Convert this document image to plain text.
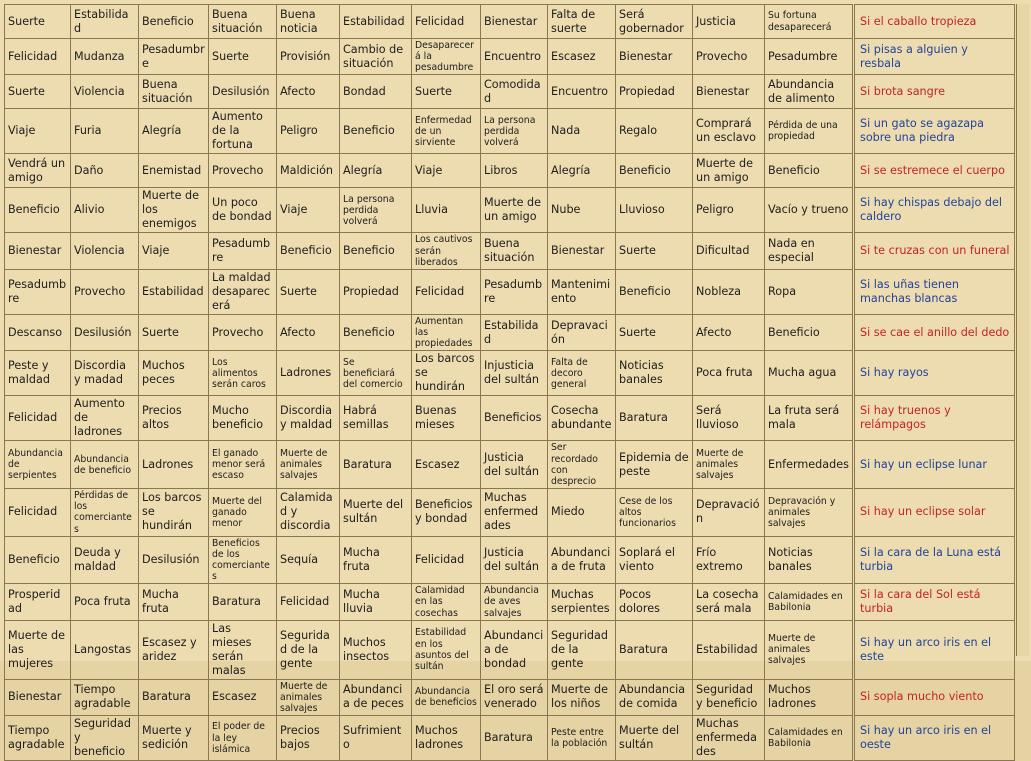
Suerte	Estabilidad	Beneficio	Buena situación	Buena noticia	Estabilidad	Felicidad	Bienestar	Falta de suerte	Será gobernador	Justicia	Su fortuna desaparecerá	Si el caballo tropieza
Felicidad	Mudanza	Pesadumbre	Suerte	Provisión	Cambio de situación	Desaparecerá la pesadumbre	Encuentro	Escasez	Bienestar	Provecho	Pesadumbre	Si pisas a alguien y resbala
Suerte	Violencia	Buena situación	Desilusión	Afecto	Bondad	Suerte	Comodidad	Encuentro	Propiedad	Bienestar	Abundancia de alimento	Si brota sangre
Viaje	Furia	Alegría	Aumento de la fortuna	Peligro	Beneficio	Enfermedad de un sirviente	La persona perdida volverá	Nada	Regalo	Comprará un esclavo	Pérdida de una propiedad	Si un gato se agazapa sobre una piedra
Vendrá un amigo	Daño	Enemistad	Provecho	Maldición	Alegría	Viaje	Libros	Alegría	Beneficio	Muerte de un amigo	Beneficio	Si se estremece el cuerpo
Beneficio	Alivio	Muerte de los enemigos	Un poco de bondad	Viaje	La persona perdida volverá	Lluvia	Muerte de un amigo	Nube	Lluvioso	Peligro	Vacío y trueno	Si hay chispas debajo del caldero
Bienestar	Violencia	Viaje	Pesadumbre	Beneficio	Beneficio	Los cautivos serán liberados	Buena situación	Bienestar	Suerte	Dificultad	Nada en especial	Si te cruzas con un funeral
Pesadumbre	Provecho	Estabilidad	La maldad desaparecerá	Suerte	Propiedad	Felicidad	Pesadumbre	Mantenimiento	Beneficio	Nobleza	Ropa	Si las uñas tienen manchas blancas
Descanso	Desilusión	Suerte	Provecho	Afecto	Beneficio	Aumentan las propiedades	Estabilidad	Depravación	Suerte	Afecto	Beneficio	Si se cae el anillo del dedo
Peste y maldad	Discordia y madad	Muchos peces	Los alimentos serán caros	Ladrones	Se beneficiará del comercio	Los barcos se hundirán	Injusticia del sultán	Falta de decoro general	Noticias banales	Poca fruta	Mucha agua	Si hay rayos
Felicidad	Aumento de ladrones	Precios altos	Mucho beneficio	Discordia y maldad	Habrá semillas	Buenas mieses	Beneficios	Cosecha abundante	Baratura	Será lluvioso	La fruta será mala	Si hay truenos y relámpagos
Abundancia de serpientes	Abundancia de beneficio	Ladrones	El ganado menor será escaso	Muerte de animales salvajes	Baratura	Escasez	Justicia del sultán	Ser recordado con desprecio	Epidemia de peste	Muerte de animales salvajes	Enfermedades	Si hay un eclipse lunar
Felicidad	Pérdidas de los comerciantes	Los barcos se hundirán	Muerte del ganado menor	Calamidad y discordia	Muerte del sultán	Beneficios y bondad	Muchas enfermedades	Miedo	Cese de los altos funcionarios	Depravación	Depravación y animales salvajes	Si hay un eclipse solar
Beneficio	Deuda y maldad	Desilusión	Beneficios de los comerciantes	Sequía	Mucha fruta	Felicidad	Justicia del sultán	Abundancia de fruta	Soplará el viento	Frío extremo	Noticias banales	Si la cara de la Luna está turbia
Prosperidad	Poca fruta	Mucha fruta	Baratura	Felicidad	Mucha lluvia	Calamidad en las cosechas	Abundancia de aves salvajes	Muchas serpientes	Pocos dolores	La cosecha será mala	Calamidades en Babilonia	Si la cara del Sol está turbia
Muerte de las mujeres	Langostas	Escasez y aridez	Las mieses serán malas	Seguridad de la gente	Muchos insectos	Estabilidad en los asuntos del sultán	Abundancia de bondad	Seguridad de la gente	Baratura	Estabilidad	Muerte de animales salvajes	Si hay un arco iris en el este
Bienestar	Tiempo agradable	Baratura	Escasez	Muerte de animales salvajes	Abundancia de peces	Abundancia de beneficios	El oro será venerado	Muerte de los niños	Abundancia de comida	Seguridad y beneficio	Muchos ladrones	Si sopla mucho viento
Tiempo agradable	Seguridad y beneficio	Muerte y sedición	El poder de la ley islámica	Precios bajos	Sufrimiento	Muchos ladrones	Baratura	Peste entre la población	Muerte del sultán	Muchas enfermedades	Calamidades en Babilonia	Si hay un arco iris en el oeste
